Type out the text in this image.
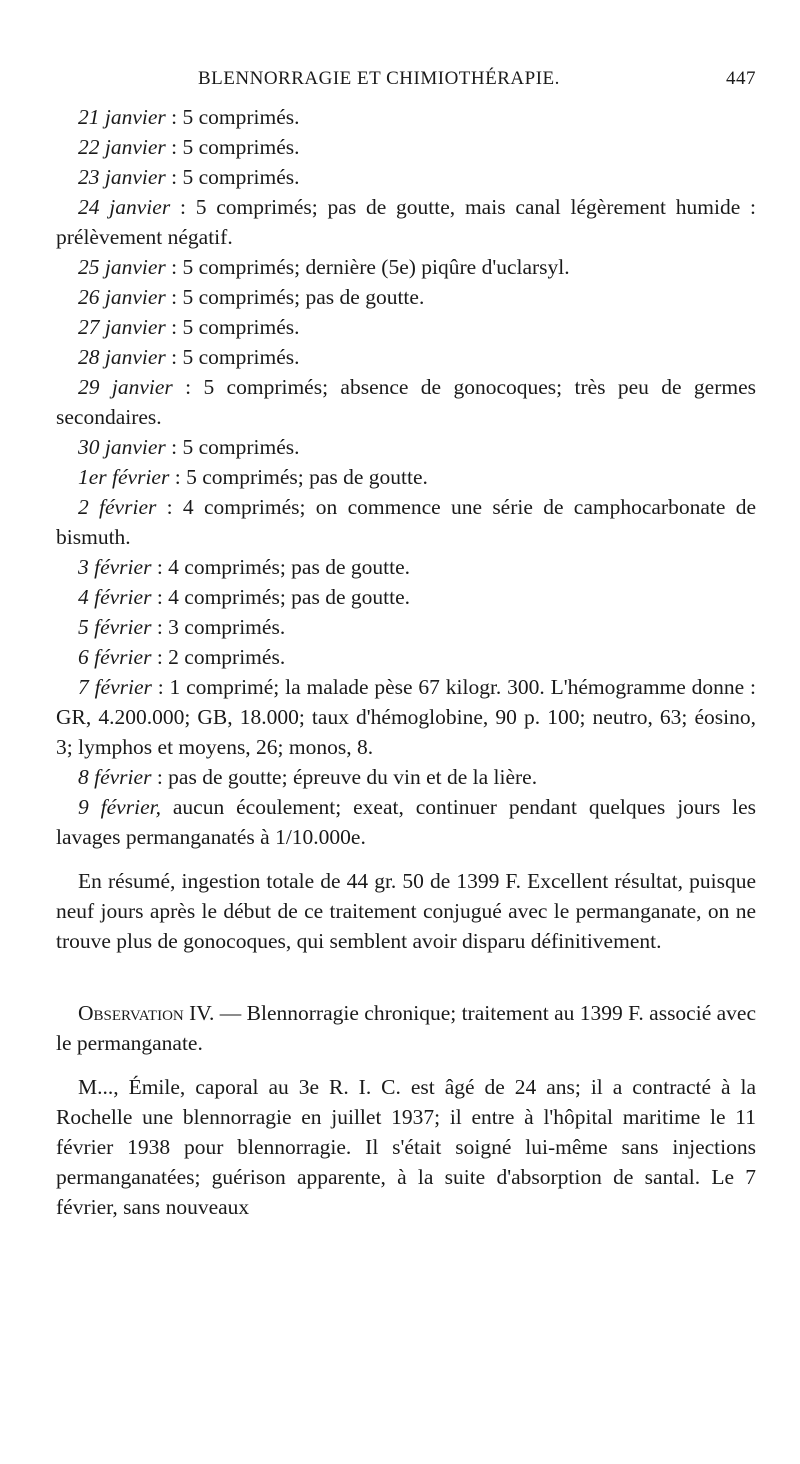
BLENNORRAGIE ET CHIMIOTHÉRAPIE.	447

21 janvier : 5 comprimés.

22 janvier : 5 comprimés.

23 janvier : 5 comprimés.

24 janvier : 5 comprimés; pas de goutte, mais canal légèrement humide : prélèvement négatif.

25 janvier : 5 comprimés; dernière (5e) piqûre d'uclarsyl.

26 janvier : 5 comprimés; pas de goutte.

27 janvier : 5 comprimés.

28 janvier : 5 comprimés.

29 janvier : 5 comprimés; absence de gonocoques; très peu de germes secondaires.

30 janvier : 5 comprimés.

1er février : 5 comprimés; pas de goutte.

2 février : 4 comprimés; on commence une série de camphocarbonate de bismuth.

3 février : 4 comprimés; pas de goutte.

4 février : 4 comprimés; pas de goutte.

5 février : 3 comprimés.

6 février : 2 comprimés.

7 février : 1 comprimé; la malade pèse 67 kilogr. 300. L'hémogramme donne : GR, 4.200.000; GB, 18.000; taux d'hémoglobine, 90 p. 100; neutro, 63; éosino, 3; lymphos et moyens, 26; monos, 8.

8 février : pas de goutte; épreuve du vin et de la lière.

9 février, aucun écoulement; exeat, continuer pendant quelques jours les lavages permanganatés à 1/10.000e.

En résumé, ingestion totale de 44 gr. 50 de 1399 F. Excellent résultat, puisque neuf jours après le début de ce traitement conjugué avec le permanganate, on ne trouve plus de gonocoques, qui semblent avoir disparu définitivement.

Observation IV. — Blennorragie chronique; traitement au 1399 F. associé avec le permanganate.

M..., Émile, caporal au 3e R. I. C. est âgé de 24 ans; il a contracté à la Rochelle une blennorragie en juillet 1937; il entre à l'hôpital maritime le 11 février 1938 pour blennorragie. Il s'était soigné lui-même sans injections permanganatées; guérison apparente, à la suite d'absorption de santal. Le 7 février, sans nouveaux
